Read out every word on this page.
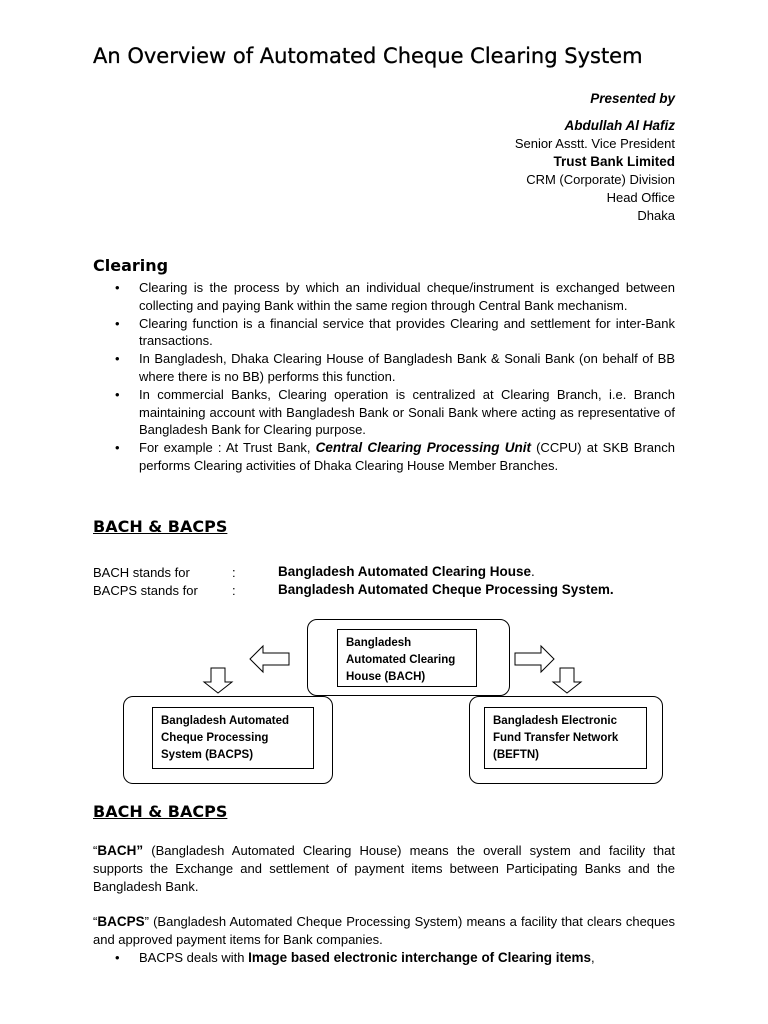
An Overview of Automated Cheque Clearing System
Presented by
Abdullah Al Hafiz
Senior Asstt. Vice President
Trust Bank Limited
CRM (Corporate) Division
Head Office
Dhaka
Clearing
• Clearing is the process by which an individual cheque/instrument is exchanged between collecting and paying Bank within the same region through Central Bank mechanism.
• Clearing function is a financial service that provides Clearing and settlement for inter-Bank transactions.
• In Bangladesh, Dhaka Clearing House of Bangladesh Bank & Sonali Bank (on behalf of BB where there is no BB) performs this function.
• In commercial Banks, Clearing operation is centralized at Clearing Branch, i.e. Branch maintaining account with Bangladesh Bank or Sonali Bank where acting as representative of Bangladesh Bank for Clearing purpose.
• For example : At Trust Bank, Central Clearing Processing Unit (CCPU) at SKB Branch performs Clearing activities of Dhaka Clearing House Member Branches.
BACH & BACPS
BACH stands for	:	Bangladesh Automated Clearing House.
BACPS stands for	:	Bangladesh Automated Cheque Processing System.
Bangladesh Automated Clearing House (BACH)
Bangladesh Automated Cheque Processing System (BACPS)
Bangladesh Electronic Fund Transfer Network (BEFTN)
BACH & BACPS
“BACH” (Bangladesh Automated Clearing House) means the overall system and facility that supports the Exchange and settlement of payment items between Participating Banks and the Bangladesh Bank.
“BACPS” (Bangladesh Automated Cheque Processing System) means a facility that clears cheques and approved payment items for Bank companies.
• BACPS deals with Image based electronic interchange of Clearing items,
